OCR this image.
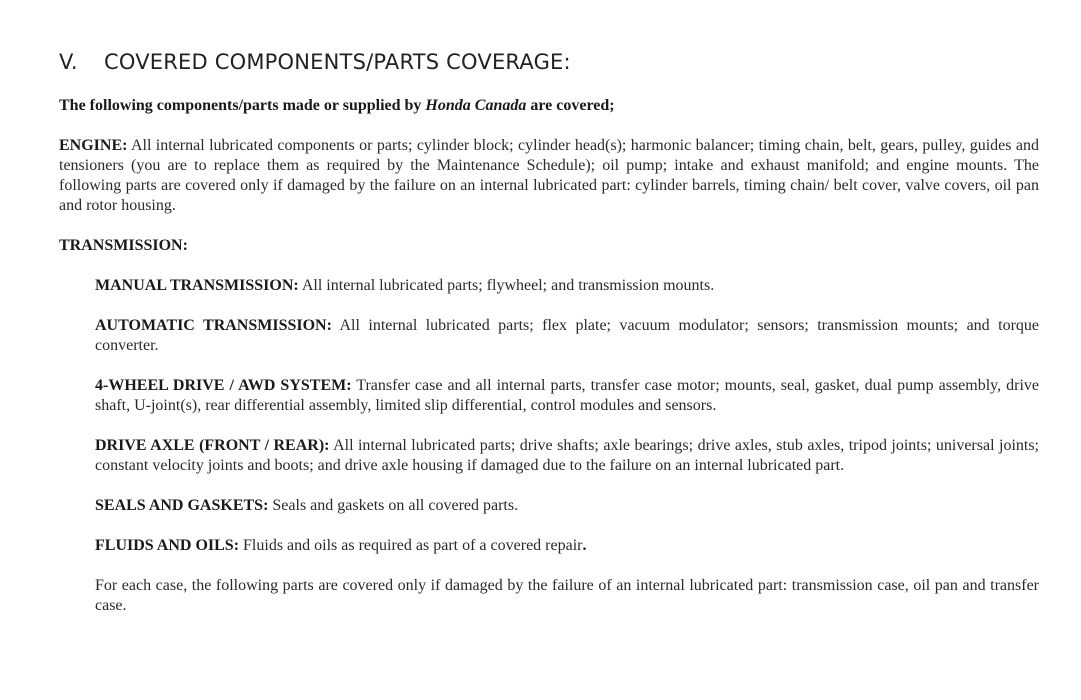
V. COVERED COMPONENTS/PARTS COVERAGE:

The following components/parts made or supplied by Honda Canada are covered;

ENGINE: All internal lubricated components or parts; cylinder block; cylinder head(s); harmonic balancer; timing chain, belt, gears, pulley, guides and tensioners (you are to replace them as required by the Maintenance Schedule); oil pump; intake and exhaust manifold; and engine mounts. The following parts are covered only if damaged by the failure on an internal lubricated part: cylinder barrels, timing chain/ belt cover, valve covers, oil pan and rotor housing.

TRANSMISSION:

MANUAL TRANSMISSION: All internal lubricated parts; flywheel; and transmission mounts.

AUTOMATIC TRANSMISSION: All internal lubricated parts; flex plate; vacuum modulator; sensors; transmission mounts; and torque converter.

4-WHEEL DRIVE / AWD SYSTEM: Transfer case and all internal parts, transfer case motor; mounts, seal, gasket, dual pump assembly, drive shaft, U-joint(s), rear differential assembly, limited slip differential, control modules and sensors.

DRIVE AXLE (FRONT / REAR): All internal lubricated parts; drive shafts; axle bearings; drive axles, stub axles, tripod joints; universal joints; constant velocity joints and boots; and drive axle housing if damaged due to the failure on an internal lubricated part.

SEALS AND GASKETS: Seals and gaskets on all covered parts.

FLUIDS AND OILS: Fluids and oils as required as part of a covered repair.

For each case, the following parts are covered only if damaged by the failure of an internal lubricated part: transmission case, oil pan and transfer case.
